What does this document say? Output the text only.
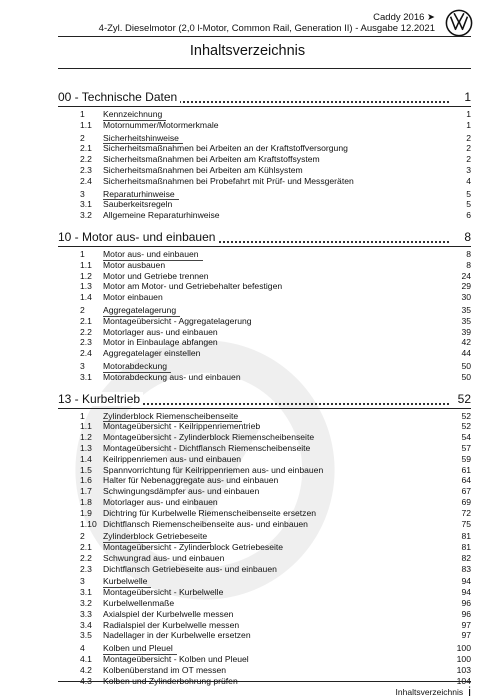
Caddy 2016 ➤
4-Zyl. Dieselmotor (2,0 l-Motor, Common Rail, Generation II) - Ausgabe 12.2021
Inhaltsverzeichnis
00 - Technische Daten	1
1 Kennzeichnung	1
1.1 Motornummer/Motormerkmale	1
2 Sicherheitshinweise	2
2.1 Sicherheitsmaßnahmen bei Arbeiten an der Kraftstoffversorgung	2
2.2 Sicherheitsmaßnahmen bei Arbeiten am Kraftstoffsystem	2
2.3 Sicherheitsmaßnahmen bei Arbeiten am Kühlsystem	3
2.4 Sicherheitsmaßnahmen bei Probefahrt mit Prüf- und Messgeräten	4
3 Reparaturhinweise	5
3.1 Sauberkeitsregeln	5
3.2 Allgemeine Reparaturhinweise	6
10 - Motor aus- und einbauen	8
1 Motor aus- und einbauen	8
1.1 Motor ausbauen	8
1.2 Motor und Getriebe trennen	24
1.3 Motor am Motor- und Getriebehalter befestigen	29
1.4 Motor einbauen	30
2 Aggregatelagerung	35
2.1 Montageübersicht - Aggregatelagerung	35
2.2 Motorlager aus- und einbauen	39
2.3 Motor in Einbaulage abfangen	42
2.4 Aggregatelager einstellen	44
3 Motorabdeckung	50
3.1 Motorabdeckung aus- und einbauen	50
13 - Kurbeltrieb	52
1 Zylinderblock Riemenscheibenseite	52
1.1 Montageübersicht - Keilrippenriementrieb	52
1.2 Montageübersicht - Zylinderblock Riemenscheibenseite	54
1.3 Montageübersicht - Dichtflansch Riemenscheibenseite	57
1.4 Keilrippenriemen aus- und einbauen	59
1.5 Spannvorrichtung für Keilrippenriemen aus- und einbauen	61
1.6 Halter für Nebenaggregate aus- und einbauen	64
1.7 Schwingungsdämpfer aus- und einbauen	67
1.8 Motorlager aus- und einbauen	69
1.9 Dichtring für Kurbelwelle Riemenscheibenseite ersetzen	72
1.10 Dichtflansch Riemenscheibenseite aus- und einbauen	75
2 Zylinderblock Getriebeseite	81
2.1 Montageübersicht - Zylinderblock Getriebeseite	81
2.2 Schwungrad aus- und einbauen	82
2.3 Dichtflansch Getriebeseite aus- und einbauen	83
3 Kurbelwelle	94
3.1 Montageübersicht - Kurbelwelle	94
3.2 Kurbelwellenmaße	96
3.3 Axialspiel der Kurbelwelle messen	96
3.4 Radialspiel der Kurbelwelle messen	97
3.5 Nadellager in der Kurbelwelle ersetzen	97
4 Kolben und Pleuel	100
4.1 Montageübersicht - Kolben und Pleuel	100
4.2 Kolbenüberstand im OT messen	103
4.3 Kolben und Zylinderbohrung prüfen	104
Inhaltsverzeichnis i
